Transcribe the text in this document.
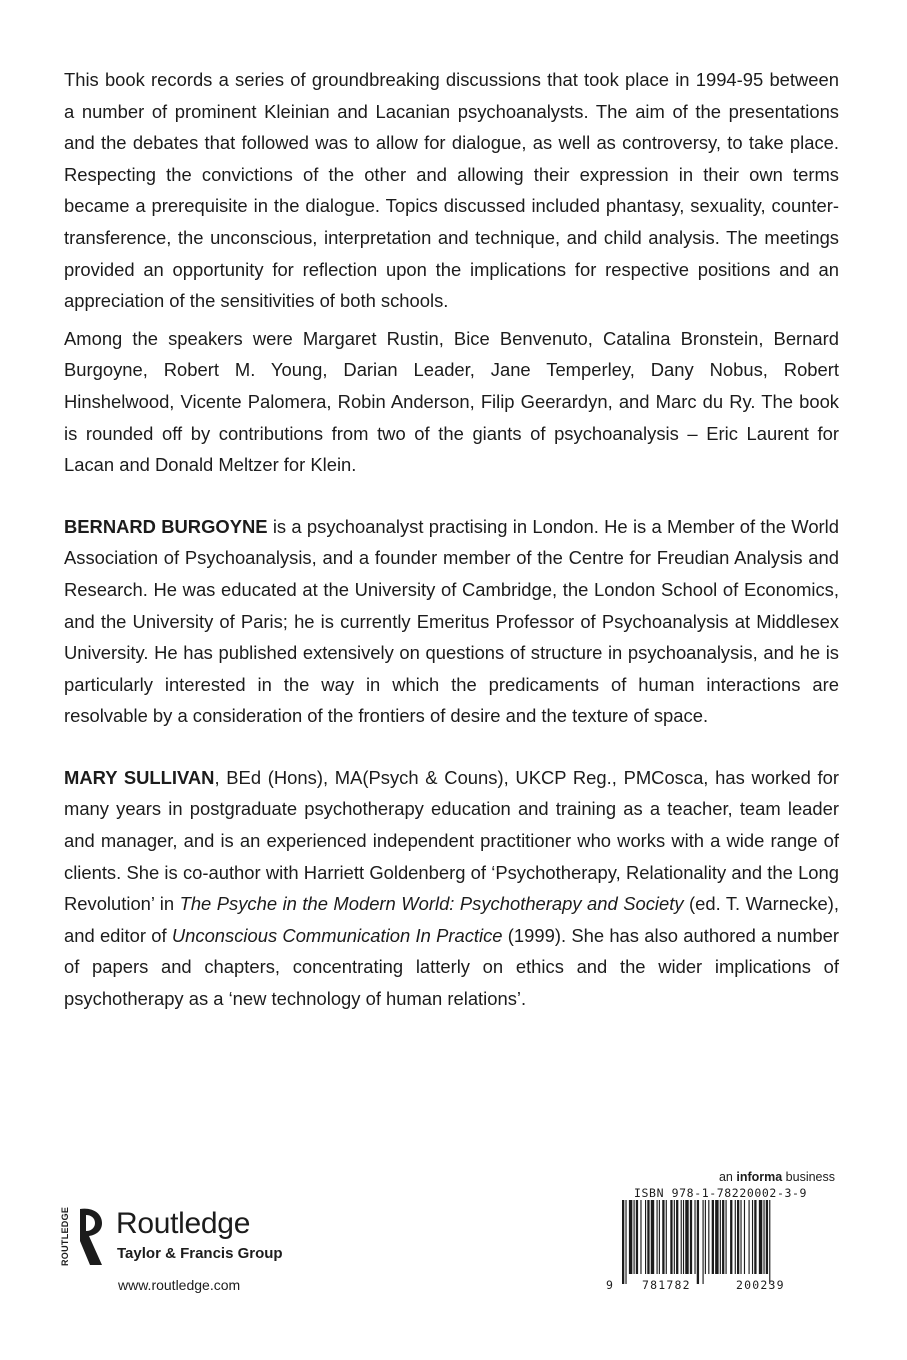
This book records a series of groundbreaking discussions that took place in 1994-95 between a number of prominent Kleinian and Lacanian psychoanalysts. The aim of the presentations and the debates that followed was to allow for dialogue, as well as controversy, to take place. Respecting the convictions of the other and allowing their expression in their own terms became a prerequisite in the dialogue. Topics discussed included phantasy, sexuality, counter-transference, the unconscious, interpretation and technique, and child analysis. The meetings provided an opportunity for reflection upon the implications for respective positions and an appreciation of the sensitivities of both schools.

Among the speakers were Margaret Rustin, Bice Benvenuto, Catalina Bronstein, Bernard Burgoyne, Robert M. Young, Darian Leader, Jane Temperley, Dany Nobus, Robert Hinshelwood, Vicente Palomera, Robin Anderson, Filip Geerardyn, and Marc du Ry. The book is rounded off by contributions from two of the giants of psychoanalysis – Eric Laurent for Lacan and Donald Meltzer for Klein.

BERNARD BURGOYNE is a psychoanalyst practising in London. He is a Member of the World Association of Psychoanalysis, and a founder member of the Centre for Freudian Analysis and Research. He was educated at the University of Cambridge, the London School of Economics, and the University of Paris; he is currently Emeritus Professor of Psychoanalysis at Middlesex University. He has published extensively on questions of structure in psychoanalysis, and he is particularly interested in the way in which the predicaments of human interactions are resolvable by a consideration of the frontiers of desire and the texture of space.

MARY SULLIVAN, BEd (Hons), MA(Psych & Couns), UKCP Reg., PMCosca, has worked for many years in postgraduate psychotherapy education and training as a teacher, team leader and manager, and is an experienced independent practitioner who works with a wide range of clients. She is co-author with Harriett Goldenberg of ‘Psychotherapy, Relationality and the Long Revolution’ in The Psyche in the Modern World: Psychotherapy and Society (ed. T. Warnecke), and editor of Unconscious Communication In Practice (1999). She has also authored a number of papers and chapters, concentrating latterly on ethics and the wider implications of psychotherapy as a ‘new technology of human relations’.

ROUTLEDGE Routledge
Taylor & Francis Group
www.routledge.com
an informa business
ISBN 978-1-78220002-3-9
9 781782	200239
